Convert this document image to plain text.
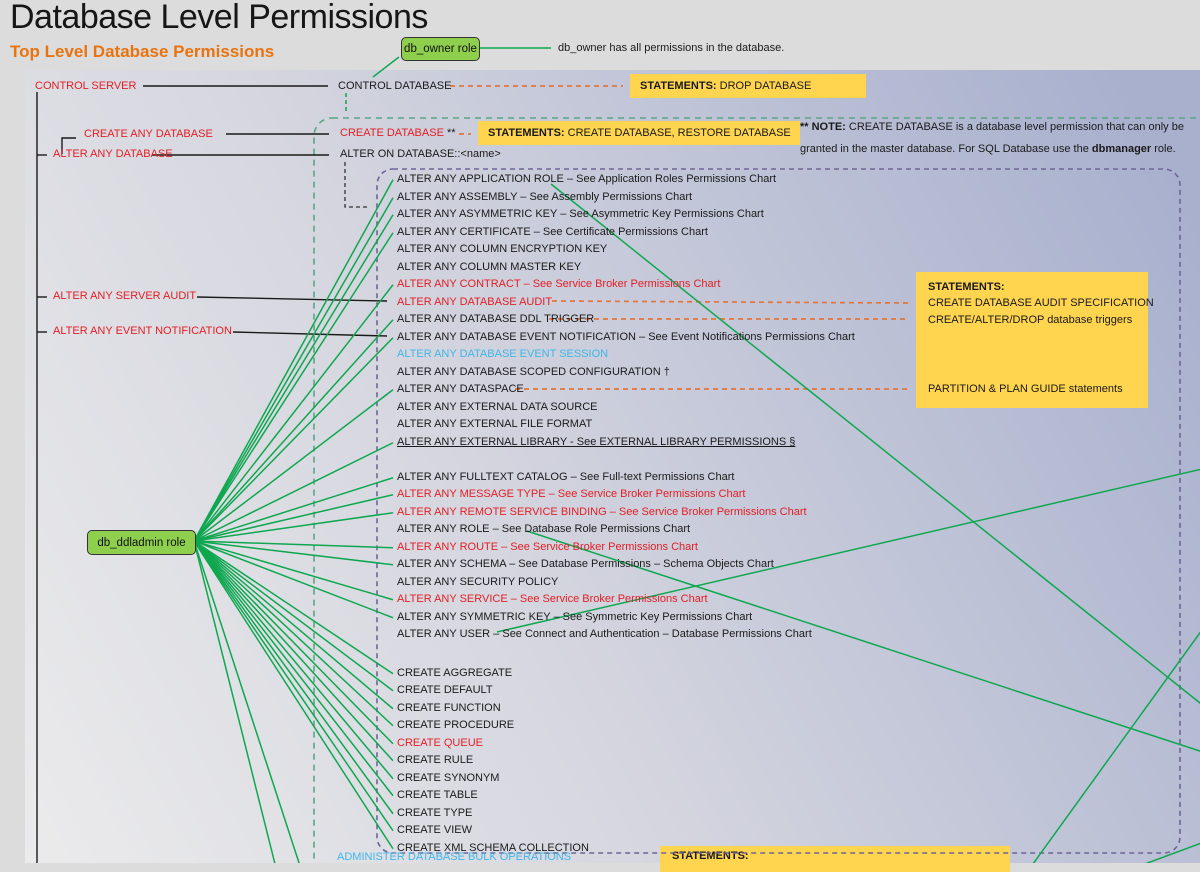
Database Level Permissions
Top Level Database Permissions
STATEMENTS:
CONTROL SERVER	CONTROL DATABASE
db_owner role	db_owner has all permissions in the database.
STATEMENTS: DROP DATABASE
CREATE ANY DATABASE
ALTER ANY DATABASE
CREATE DATABASE **
ALTER ON DATABASE::<name>
STATEMENTS: CREATE DATABASE, RESTORE DATABASE ** NOTE: CREATE DATABASE is a database level permission that can only be
granted in the master database. For SQL Database use the dbmanager role.
ALTER ANY SERVER AUDIT
ALTER ANY EVENT NOTIFICATION
db_ddladmin role
STATEMENTS:
CREATE DATABASE AUDIT SPECIFICATION
CREATE/ALTER/DROP database triggers
PARTITION & PLAN GUIDE statements
ALTER ANY APPLICATION ROLE – See Application Roles Permissions Chart
ALTER ANY ASSEMBLY – See Assembly Permissions Chart
ALTER ANY ASYMMETRIC KEY – See Asymmetric Key Permissions Chart
ALTER ANY CERTIFICATE – See Certificate Permissions Chart
ALTER ANY COLUMN ENCRYPTION KEY
ALTER ANY COLUMN MASTER KEY
ALTER ANY CONTRACT – See Service Broker Permissions Chart
ALTER ANY DATABASE AUDIT
ALTER ANY DATABASE DDL TRIGGER
ALTER ANY DATABASE EVENT NOTIFICATION – See Event Notifications Permissions Chart
ALTER ANY DATABASE EVENT SESSION
ALTER ANY DATABASE SCOPED CONFIGURATION †
ALTER ANY DATASPACE
ALTER ANY EXTERNAL DATA SOURCE
ALTER ANY EXTERNAL FILE FORMAT
ALTER ANY EXTERNAL LIBRARY - See EXTERNAL LIBRARY PERMISSIONS §
ALTER ANY FULLTEXT CATALOG – See Full-text Permissions Chart
ALTER ANY MESSAGE TYPE – See Service Broker Permissions Chart
ALTER ANY REMOTE SERVICE BINDING – See Service Broker Permissions Chart
ALTER ANY ROLE – See Database Role Permissions Chart
ALTER ANY ROUTE – See Service Broker Permissions Chart
ALTER ANY SCHEMA – See Database Permissions – Schema Objects Chart
ALTER ANY SECURITY POLICY
ALTER ANY SERVICE – See Service Broker Permissions Chart
ALTER ANY SYMMETRIC KEY – See Symmetric Key Permissions Chart
ALTER ANY USER – See Connect and Authentication – Database Permissions Chart
CREATE AGGREGATE
CREATE DEFAULT
CREATE FUNCTION
CREATE PROCEDURE
CREATE QUEUE
CREATE RULE
CREATE SYNONYM
CREATE TABLE
CREATE TYPE
CREATE VIEW
CREATE XML SCHEMA COLLECTION
ADMINISTER DATABASE BULK OPERATIONS
